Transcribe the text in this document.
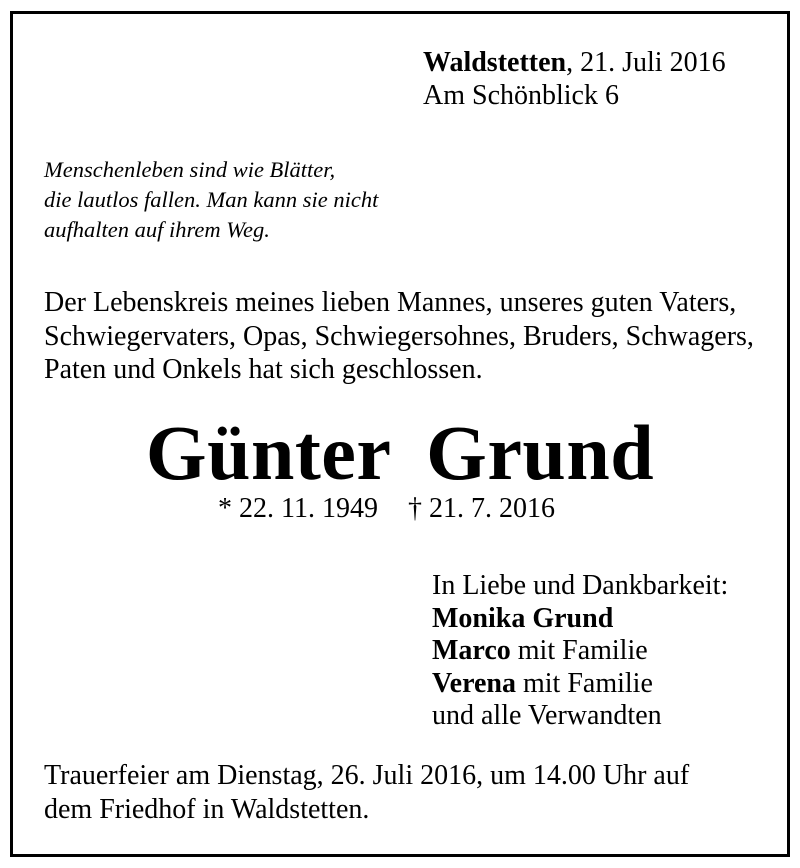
Waldstetten, 21. Juli 2016
Am Schönblick 6
Menschenleben sind wie Blätter,
die lautlos fallen. Man kann sie nicht
aufhalten auf ihrem Weg.
Der Lebenskreis meines lieben Mannes, unseres guten Vaters,
Schwiegervaters, Opas, Schwiegersohnes, Bruders, Schwagers,
Paten und Onkels hat sich geschlossen.
Günter Grund
* 22. 11. 1949 † 21. 7. 2016
In Liebe und Dankbarkeit:
Monika Grund
Marco mit Familie
Verena mit Familie
und alle Verwandten
Trauerfeier am Dienstag, 26. Juli 2016, um 14.00 Uhr auf
dem Friedhof in Waldstetten.
